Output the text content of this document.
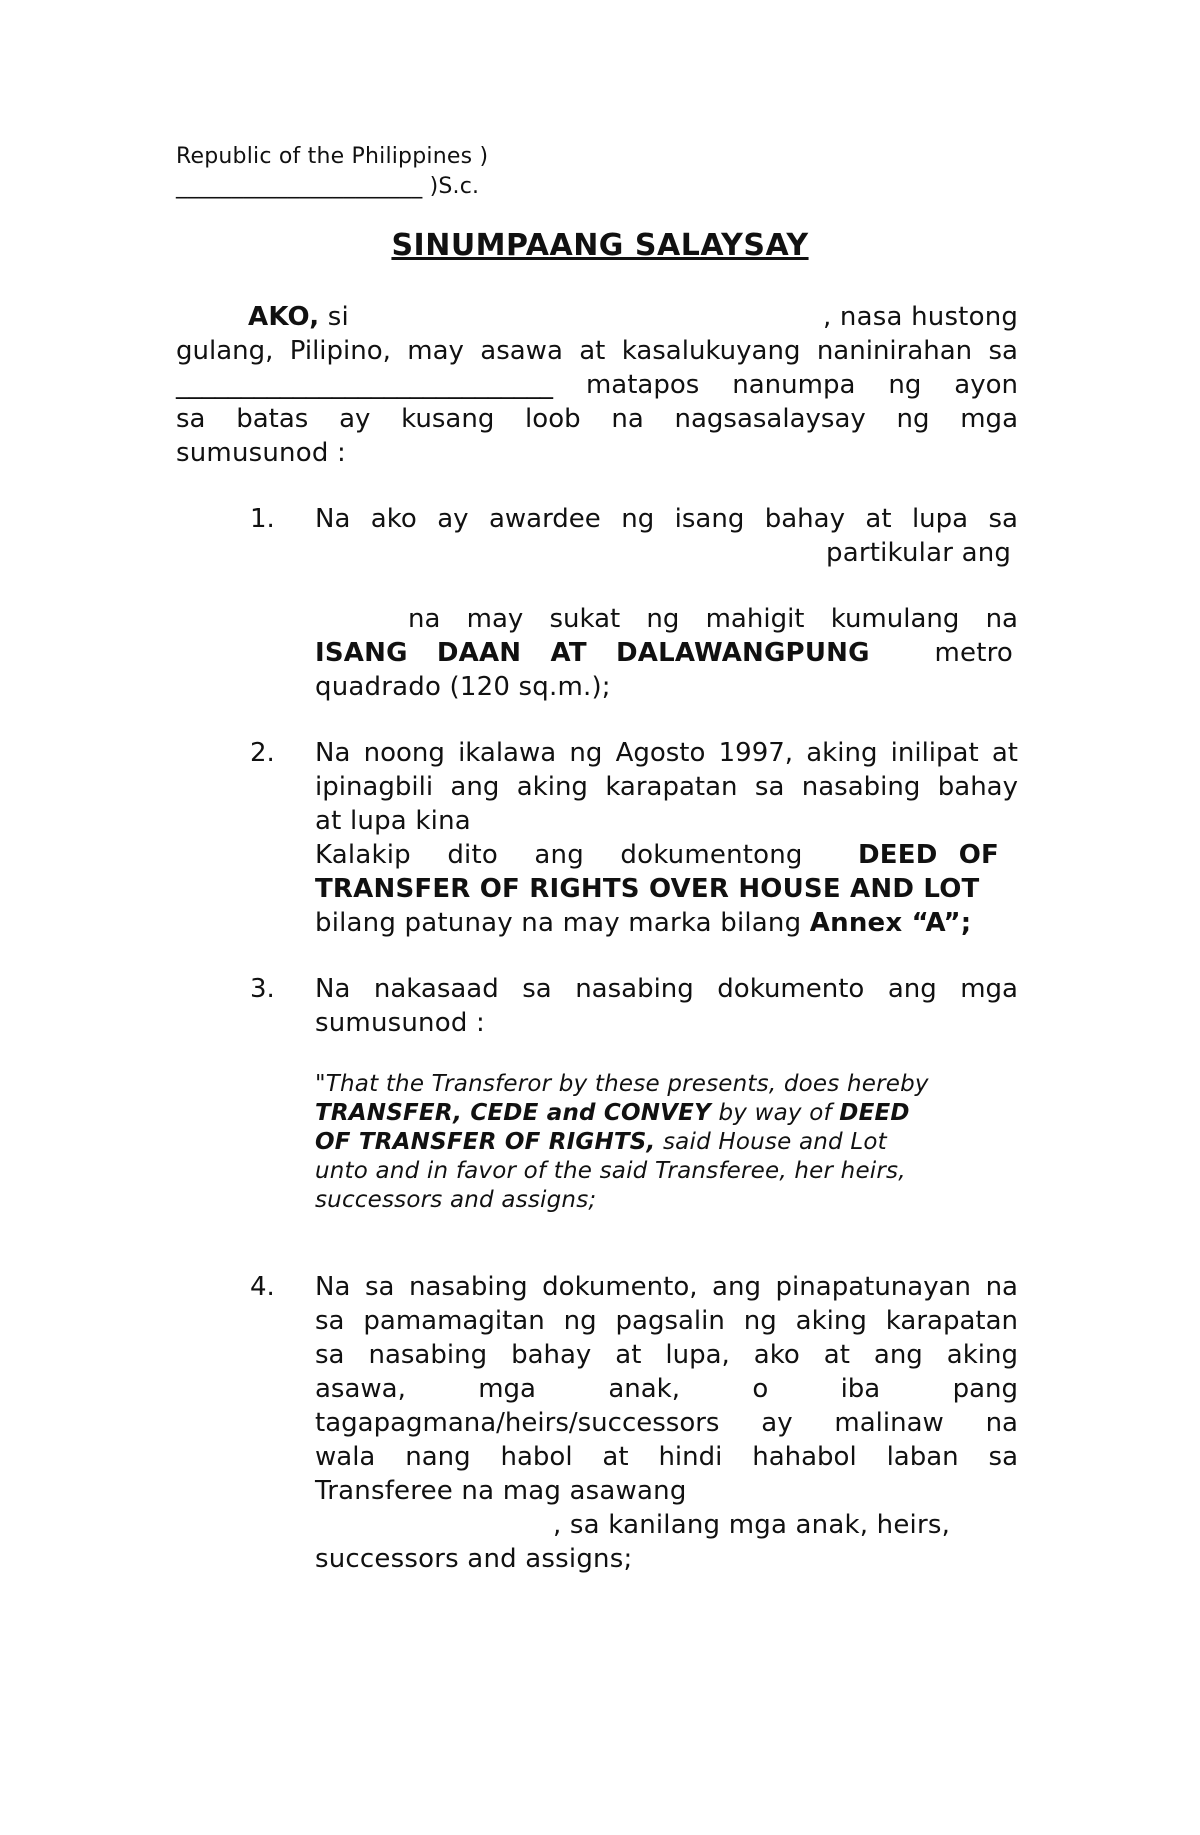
Republic of the Philippines )
______________________ )S.c.
SINUMPAANG SALAYSAY
AKO, si	, nasa hustong
gulang, Pilipino, may asawa at kasalukuyang naninirahan sa
_____________________________ matapos nanumpa ng ayon
sa batas ay kusang loob na nagsasalaysay ng mga
sumusunod :
1. Na ako ay awardee ng isang bahay at lupa sa
partikular ang
na may sukat ng mahigit kumulang na
ISANG DAAN AT DALAWANGPUNG metro
quadrado (120 sq.m.);
2. Na noong ikalawa ng Agosto 1997, aking inilipat at
ipinagbili ang aking karapatan sa nasabing bahay
at lupa kina
Kalakip dito ang dokumentong DEED OF
TRANSFER OF RIGHTS OVER HOUSE AND LOT
bilang patunay na may marka bilang Annex “A”;
3. Na nakasaad sa nasabing dokumento ang mga
sumusunod :
"That the Transferor by these presents, does hereby
TRANSFER, CEDE and CONVEY by way of DEED
OF TRANSFER OF RIGHTS, said House and Lot
unto and in favor of the said Transferee, her heirs,
successors and assigns;
4. Na sa nasabing dokumento, ang pinapatunayan na
sa pamamagitan ng pagsalin ng aking karapatan
sa nasabing bahay at lupa, ako at ang aking
asawa, mga anak, o iba pang
tagapagmana/heirs/successors ay malinaw na
wala nang habol at hindi hahabol laban sa
Transferee na mag asawang
, sa kanilang mga anak, heirs,
successors and assigns;
